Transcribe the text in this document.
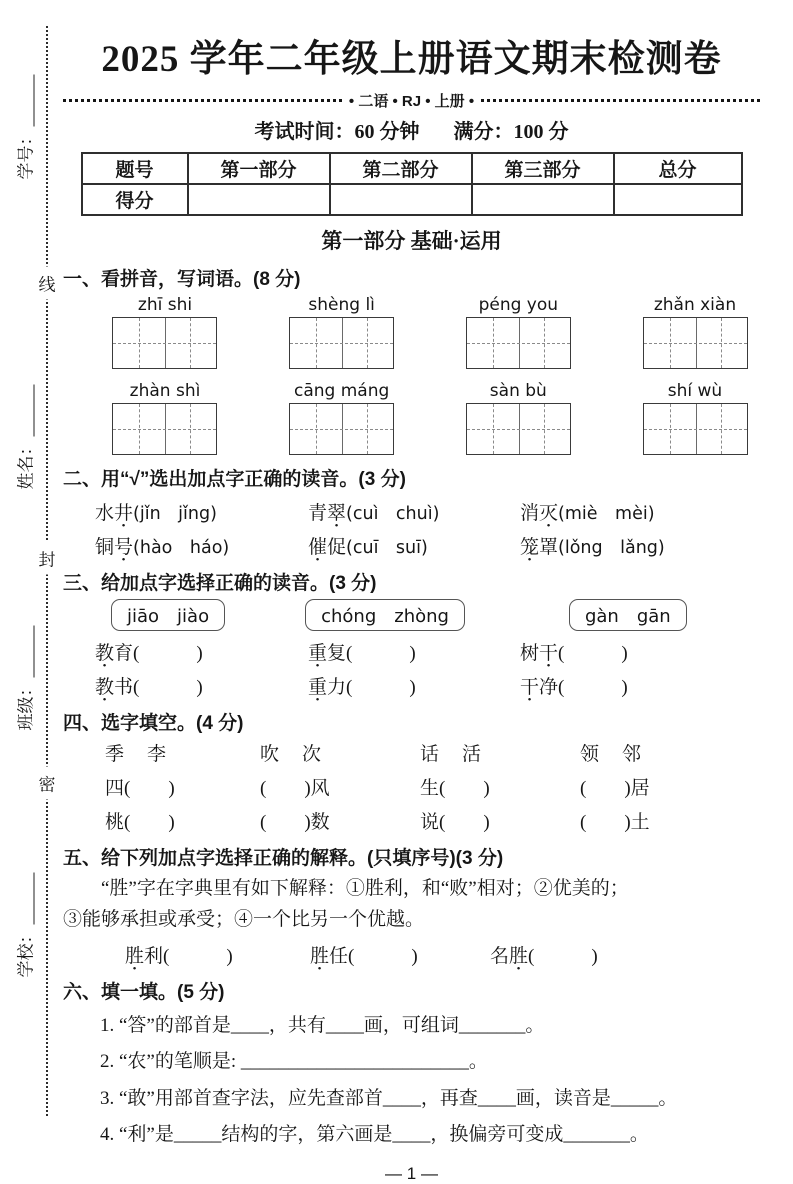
学号：
线
姓名：
封
班级：
密
学校：
2025 学年二年级上册语文期末检测卷
• 二语 • RJ • 上册 •
考试时间：60 分钟 满分：100 分
题号	第一部分	第二部分	第三部分	总分
得分				
第一部分 基础·运用
一、看拼音，写词语。(8 分)
zhī shi	shèng lì	péng you	zhǎn xiàn
zhàn shì	cāng máng	sàn bù	shí wù
二、用“√”选出加点字正确的读音。(3 分)
水井(jǐn　jǐng)	青翠(cuì　chuì)	消灭(miè　mèi)
铜号(hào　háo)	催促(cuī　suī)	笼罩(lǒng　lǎng)
三、给加点字选择正确的读音。(3 分)
jiāo　jiào	chóng　zhòng	gàn　gān
教育(　　　)	重复(　　　)	树干(　　　)
教书(　　　)	重力(　　　)	干净(　　　)
四、选字填空。(4 分)
季　李	吹　次	话　活	领　邻
四(　　)	(　　)风	生(　　)	(　　)居
桃(　　)	(　　)数	说(　　)	(　　)土
五、给下列加点字选择正确的解释。(只填序号)(3 分)
“胜”字在字典里有如下解释：①胜利，和“败”相对；②优美的；
③能够承担或承受；④一个比另一个优越。
胜利(　　　)	胜任(　　　)	名胜(　　　)
六、填一填。(5 分)
1. “答”的部首是____，共有____画，可组词_______。
2. “农”的笔顺是: ________________________。
3. “敢”用部首查字法，应先查部首____，再查____画，读音是_____。
4. “利”是_____结构的字，第六画是____，换偏旁可变成_______。
— 1 —
